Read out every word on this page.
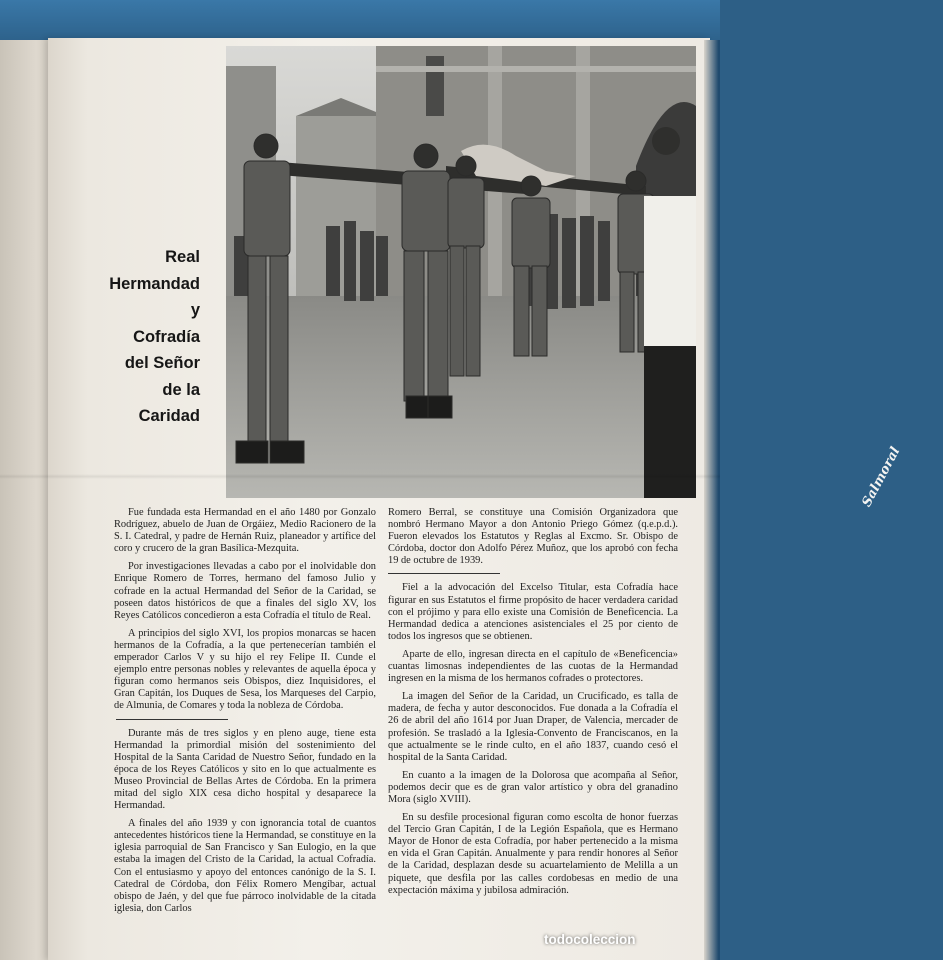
Salmoral
Real
Hermandad
y
Cofradía
del Señor
de la
Caridad

Fue fundada esta Hermandad en el año 1480 por Gonzalo Rodríguez, abuelo de Juan de Orgáiez, Medio Racionero de la S. I. Catedral, y padre de Hernán Ruiz, planeador y artífice del coro y crucero de la gran Basílica-Mezquita.

Por investigaciones llevadas a cabo por el inolvidable don Enrique Romero de Torres, hermano del famoso Julio y cofrade en la actual Hermandad del Señor de la Caridad, se poseen datos históricos de que a finales del siglo XV, los Reyes Católicos concedieron a esta Cofradía el título de Real.

A principios del siglo XVI, los propios monarcas se hacen hermanos de la Cofradía, a la que pertenecerían también el emperador Carlos V y su hijo el rey Felipe II. Cunde el ejemplo entre personas nobles y relevantes de aquella época y figuran como hermanos seis Obispos, diez Inquisidores, el Gran Capitán, los Duques de Sesa, los Marqueses del Carpio, de Almunia, de Comares y toda la nobleza de Córdoba.

Durante más de tres siglos y en pleno auge, tiene esta Hermandad la primordial misión del sostenimiento del Hospital de la Santa Caridad de Nuestro Señor, fundado en la época de los Reyes Católicos y sito en lo que actualmente es Museo Provincial de Bellas Artes de Córdoba. En la primera mitad del siglo XIX cesa dicho hospital y desaparece la Hermandad.

A finales del año 1939 y con ignorancia total de cuantos antecedentes históricos tiene la Hermandad, se constituye en la iglesia parroquial de San Francisco y San Eulogio, en la que estaba la imagen del Cristo de la Caridad, la actual Cofradía. Con el entusiasmo y apoyo del entonces canónigo de la S. I. Catedral de Córdoba, don Félix Romero Mengíbar, actual obispo de Jaén, y del que fue párroco inolvidable de la citada iglesia, don Carlos

Romero Berral, se constituye una Comisión Organizadora que nombró Hermano Mayor a don Antonio Priego Gómez (q.e.p.d.). Fueron elevados los Estatutos y Reglas al Excmo. Sr. Obispo de Córdoba, doctor don Adolfo Pérez Muñoz, que los aprobó con fecha 19 de octubre de 1939.

Fiel a la advocación del Excelso Titular, esta Cofradía hace figurar en sus Estatutos el firme propósito de hacer verdadera caridad con el prójimo y para ello existe una Comisión de Beneficencia. La Hermandad dedica a atenciones asistenciales el 25 por ciento de todos los ingresos que se obtienen.

Aparte de ello, ingresan directa en el capítulo de «Beneficencia» cuantas limosnas independientes de las cuotas de la Hermandad ingresen en la misma de los hermanos cofrades o protectores.

La imagen del Señor de la Caridad, un Crucificado, es talla de madera, de fecha y autor desconocidos. Fue donada a la Cofradía el 26 de abril del año 1614 por Juan Draper, de Valencia, mercader de profesión. Se trasladó a la Iglesia-Convento de Franciscanos, en la que actualmente se le rinde culto, en el año 1837, cuando cesó el hospital de la Santa Caridad.

En cuanto a la imagen de la Dolorosa que acompaña al Señor, podemos decir que es de gran valor artístico y obra del granadino Mora (siglo XVIII).

En su desfile procesional figuran como escolta de honor fuerzas del Tercio Gran Capitán, I de la Legión Española, que es Hermano Mayor de Honor de esta Cofradía, por haber pertenecido a la misma en vida el Gran Capitán. Anualmente y para rendir honores al Señor de la Caridad, desplazan desde su acuartelamiento de Melilla a un piquete, que desfila por las calles cordobesas en medio de una expectación máxima y jubilosa admiración.

todocoleccion
